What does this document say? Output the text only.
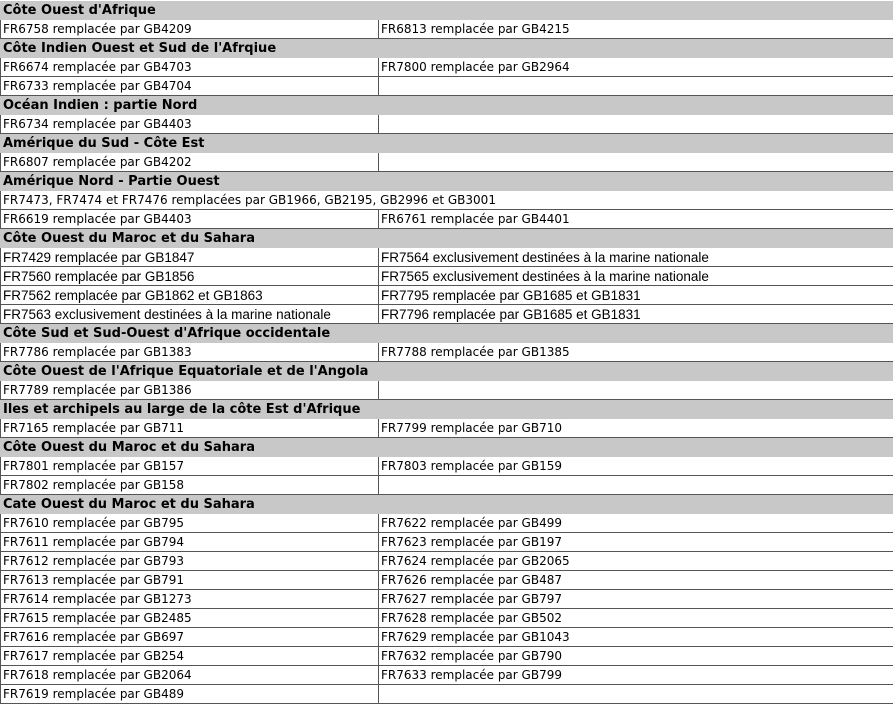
Côte Ouest d'Afrique	
FR6758 remplacée par GB4209	FR6813 remplacée par GB4215
Côte Indien Ouest et Sud de l'Afrqiue	
FR6674 remplacée par GB4703	FR7800 remplacée par GB2964
FR6733 remplacée par GB4704	
Océan Indien : partie Nord	
FR6734 remplacée par GB4403	
Amérique du Sud - Côte Est	
FR6807 remplacée par GB4202	
Amérique Nord - Partie Ouest	
FR7473, FR7474 et FR7476 remplacées par GB1966, GB2195, GB2996 et GB3001	
FR6619 remplacée par GB4403	FR6761 remplacée par GB4401
Côte Ouest du Maroc et du Sahara	
FR7429 remplacée par GB1847	FR7564 exclusivement destinées à la marine nationale
FR7560 remplacée par GB1856	FR7565 exclusivement destinées à la marine nationale
FR7562 remplacée par GB1862 et GB1863	FR7795 remplacée par GB1685 et GB1831
FR7563 exclusivement destinées à la marine nationale	FR7796 remplacée par GB1685 et GB1831
Côte Sud et Sud-Ouest d'Afrique occidentale	
FR7786 remplacée par GB1383	FR7788 remplacée par GB1385
Côte Ouest de l'Afrique Equatoriale et de l'Angola	
FR7789 remplacée par GB1386	
Iles et archipels au large de la côte Est d'Afrique	
FR7165 remplacée par GB711	FR7799 remplacée par GB710
Côte Ouest du Maroc et du Sahara	
FR7801 remplacée par GB157	FR7803 remplacée par GB159
FR7802 remplacée par GB158	
Cate Ouest du Maroc et du Sahara	
FR7610 remplacée par GB795	FR7622 remplacée par GB499
FR7611 remplacée par GB794	FR7623 remplacée par GB197
FR7612 remplacée par GB793	FR7624 remplacée par GB2065
FR7613 remplacée par GB791	FR7626 remplacée par GB487
FR7614 remplacée par GB1273	FR7627 remplacée par GB797
FR7615 remplacée par GB2485	FR7628 remplacée par GB502
FR7616 remplacée par GB697	FR7629 remplacée par GB1043
FR7617 remplacée par GB254	FR7632 remplacée par GB790
FR7618 remplacée par GB2064	FR7633 remplacée par GB799
FR7619 remplacée par GB489	
